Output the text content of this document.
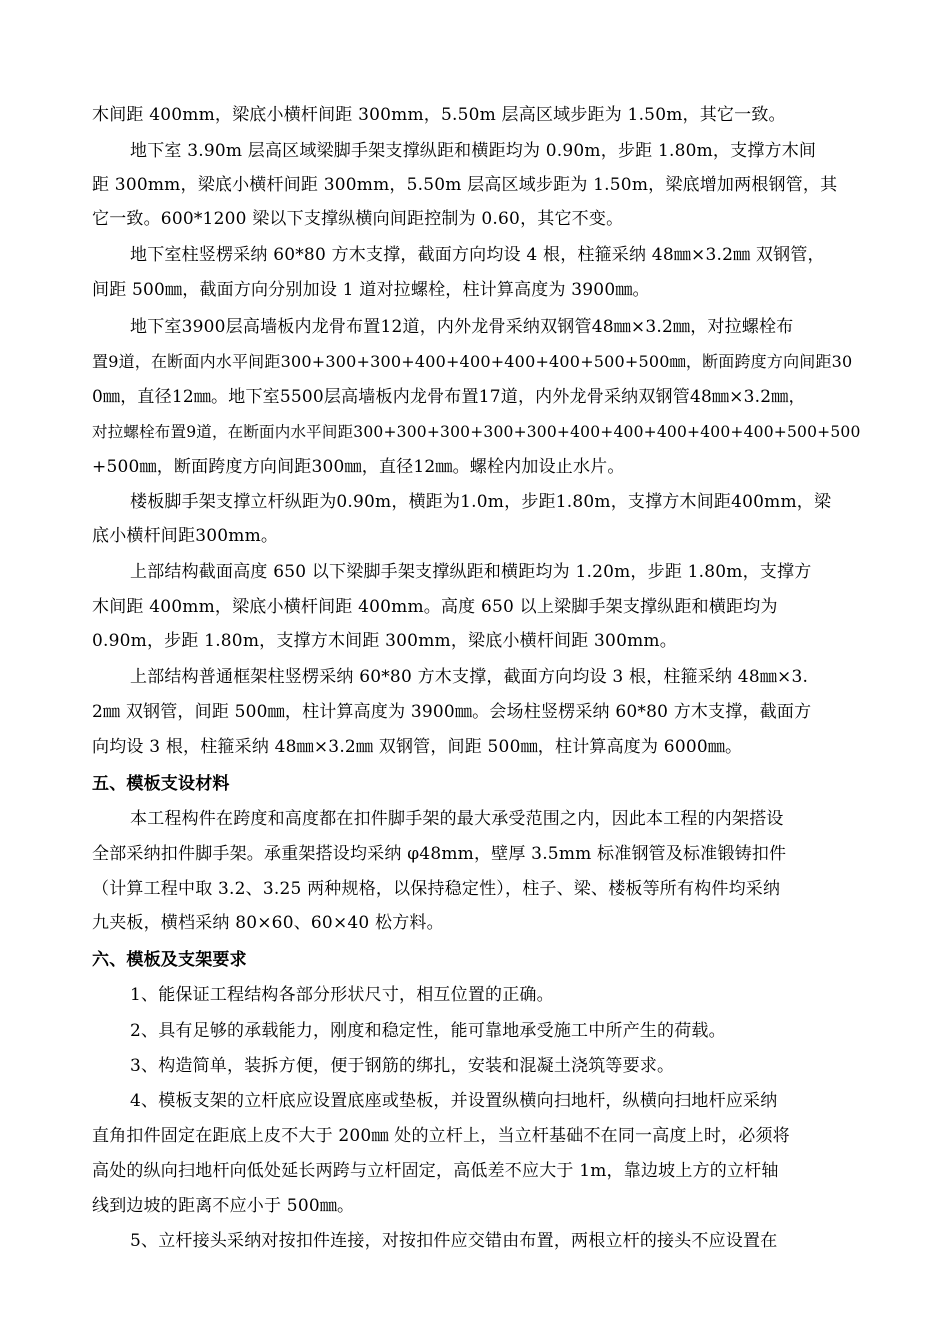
木间距 400mm，梁底小横杆间距 300mm，5.50m 层高区域步距为 1.50m，其它一致。
地下室 3.90m 层高区域梁脚手架支撑纵距和横距均为 0.90m，步距 1.80m，支撑方木间
距 300mm，梁底小横杆间距 300mm，5.50m 层高区域步距为 1.50m，梁底增加两根钢管，其
它一致。600*1200 梁以下支撑纵横向间距控制为 0.60，其它不变。
地下室柱竖楞采纳 60*80 方木支撑，截面方向均设 4 根，柱箍采纳 48㎜×3.2㎜ 双钢管，
间距 500㎜，截面方向分别加设 1 道对拉螺栓，柱计算高度为 3900㎜。
地下室3900层高墙板内龙骨布置12道，内外龙骨采纳双钢管48㎜×3.2㎜，对拉螺栓布
置9道，在断面内水平间距300+300+300+400+400+400+400+500+500㎜，断面跨度方向间距30
0㎜，直径12㎜。地下室5500层高墙板内龙骨布置17道，内外龙骨采纳双钢管48㎜×3.2㎜，
对拉螺栓布置9道，在断面内水平间距300+300+300+300+300+400+400+400+400+400+500+500
+500㎜，断面跨度方向间距300㎜，直径12㎜。螺栓内加设止水片。
楼板脚手架支撑立杆纵距为0.90m，横距为1.0m，步距1.80m，支撑方木间距400mm，梁
底小横杆间距300mm。
上部结构截面高度 650 以下梁脚手架支撑纵距和横距均为 1.20m，步距 1.80m，支撑方
木间距 400mm，梁底小横杆间距 400mm。高度 650 以上梁脚手架支撑纵距和横距均为
0.90m，步距 1.80m，支撑方木间距 300mm，梁底小横杆间距 300mm。
上部结构普通框架柱竖楞采纳 60*80 方木支撑，截面方向均设 3 根，柱箍采纳 48㎜×3.
2㎜ 双钢管，间距 500㎜，柱计算高度为 3900㎜。会场柱竖楞采纳 60*80 方木支撑，截面方
向均设 3 根，柱箍采纳 48㎜×3.2㎜ 双钢管，间距 500㎜，柱计算高度为 6000㎜。
五、模板支设材料
本工程构件在跨度和高度都在扣件脚手架的最大承受范围之内，因此本工程的内架搭设
全部采纳扣件脚手架。承重架搭设均采纳 φ48mm，壁厚 3.5mm 标准钢管及标准锻铸扣件
（计算工程中取 3.2、3.25 两种规格，以保持稳定性），柱子、梁、楼板等所有构件均采纳
九夹板，横档采纳 80×60、60×40 松方料。
六、模板及支架要求
1、能保证工程结构各部分形状尺寸，相互位置的正确。
2、具有足够的承载能力，刚度和稳定性，能可靠地承受施工中所产生的荷载。
3、构造简单，装拆方便，便于钢筋的绑扎，安装和混凝土浇筑等要求。
4、模板支架的立杆底应设置底座或垫板，并设置纵横向扫地杆，纵横向扫地杆应采纳
直角扣件固定在距底上皮不大于 200㎜ 处的立杆上，当立杆基础不在同一高度上时，必须将
高处的纵向扫地杆向低处延长两跨与立杆固定，高低差不应大于 1m，靠边坡上方的立杆轴
线到边坡的距离不应小于 500㎜。
5、立杆接头采纳对按扣件连接，对按扣件应交错由布置，两根立杆的接头不应设置在
